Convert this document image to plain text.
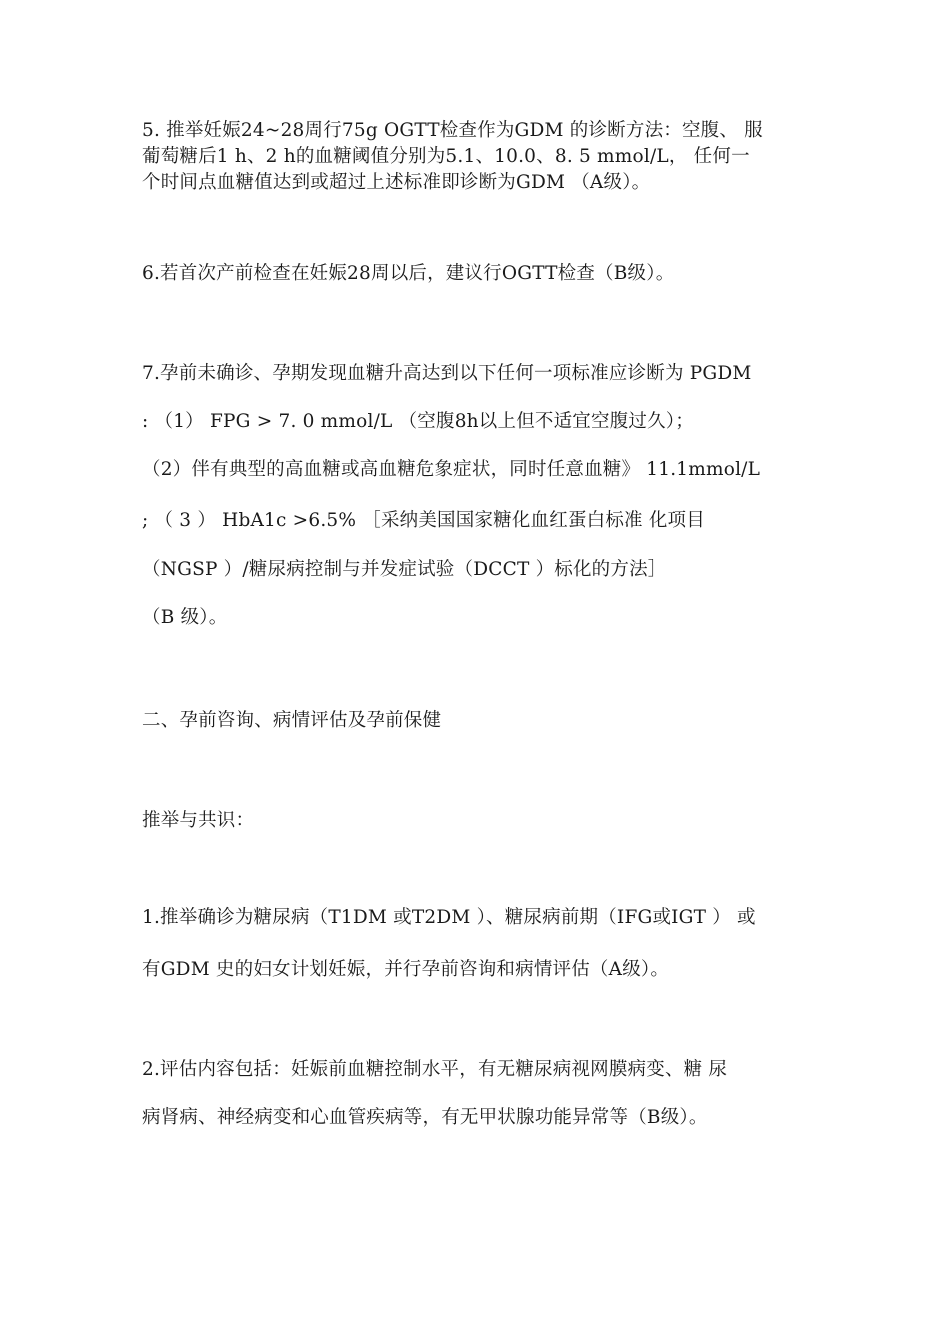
5. 推举妊娠24~28周行75g OGTT检查作为GDM 的诊断方法：空腹、 服
葡萄糖后1 h、2 h的血糖阈值分别为5.1、10.0、8. 5 mmol/L， 任何一
个时间点血糖值达到或超过上述标准即诊断为GDM （A级）。
6.若首次产前检查在妊娠28周以后，建议行OGTT检查（B级）。
7.孕前未确诊、孕期发现血糖升高达到以下任何一项标准应诊断为 PGDM
: （1） FPG > 7. 0 mmol/L （空腹8h以上但不适宜空腹过久）；
（2）伴有典型的高血糖或高血糖危象症状，同时任意血糖》 11.1mmol/L
; （ 3 ） HbA1c >6.5% ［采纳美国国家糖化血红蛋白标准 化项目
（NGSP ）/糖尿病控制与并发症试验（DCCT ）标化的方法］
（B 级）。
二、孕前咨询、病情评估及孕前保健
推举与共识：
1.推举确诊为糖尿病（T1DM 或T2DM ）、糖尿病前期（IFG或IGT ） 或
有GDM 史的妇女计划妊娠，并行孕前咨询和病情评估（A级）。
2.评估内容包括：妊娠前血糖控制水平，有无糖尿病视网膜病变、糖 尿
病肾病、神经病变和心血管疾病等，有无甲状腺功能异常等（B级）。
